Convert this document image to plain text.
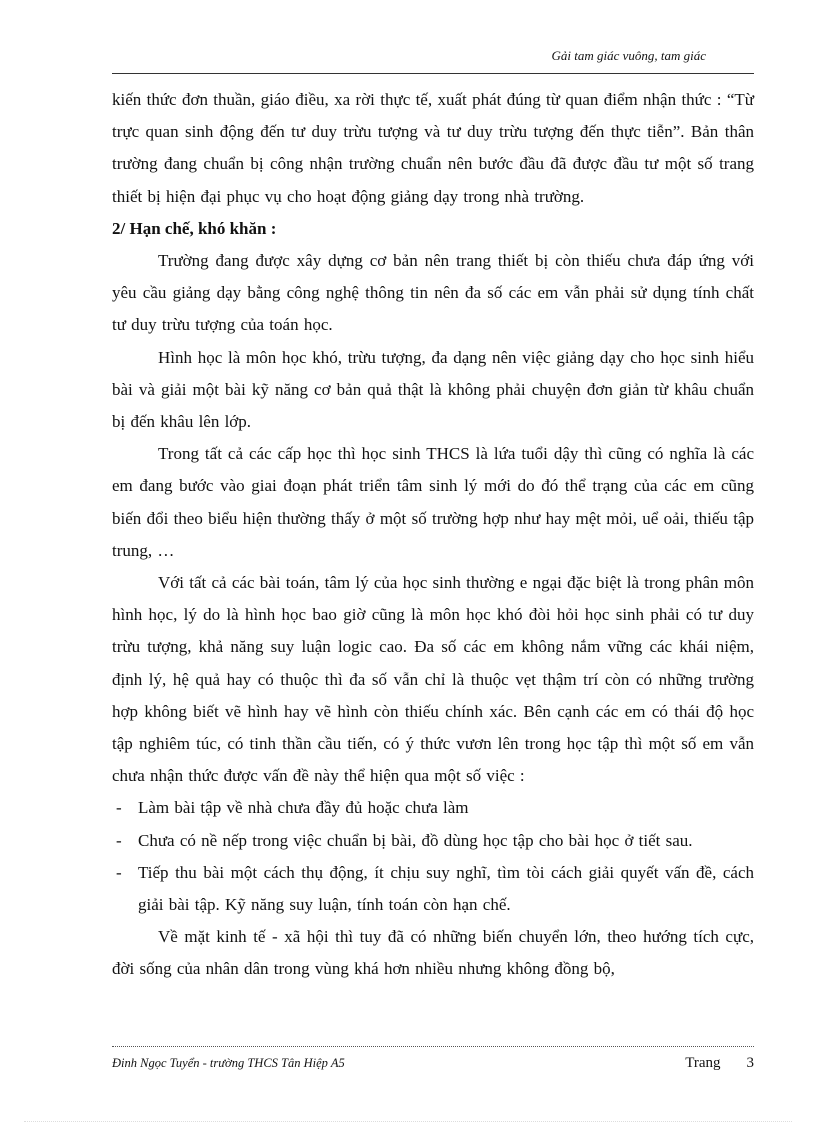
Gải tam giác vuông, tam giác

kiến thức đơn thuần, giáo điều, xa rời thực tế, xuất phát đúng từ quan điểm nhận thức : “Từ trực quan sinh động đến tư duy trừu tượng và tư duy trừu tượng đến thực tiễn”. Bản thân trường đang chuẩn bị công nhận trường chuẩn nên bước đầu đã được đầu tư một số trang thiết bị hiện đại phục vụ cho hoạt động giảng dạy trong nhà trường.

2/ Hạn chế, khó khăn :

Trường đang được xây dựng cơ bản nên trang thiết bị còn thiếu chưa đáp ứng với yêu cầu giảng dạy bằng công nghệ thông tin nên đa số các em vẫn phải sử dụng tính chất tư duy trừu tượng của toán học.

Hình học là môn học khó, trừu tượng, đa dạng nên việc giảng dạy cho học sinh hiểu bài và giải một bài kỹ năng cơ bản quả thật là không phải chuyện đơn giản từ khâu chuẩn bị đến khâu lên lớp.

Trong tất cả các cấp học thì học sinh THCS là lứa tuổi dậy thì cũng có nghĩa là các em đang bước vào giai đoạn phát triển tâm sinh lý mới do đó thể trạng của các em cũng biến đổi theo biểu hiện thường thấy ở một số trường hợp như hay mệt mỏi, uể oải, thiếu tập trung, …

Với tất cả các bài toán, tâm lý của học sinh thường e ngại đặc biệt là trong phân môn hình học, lý do là hình học bao giờ cũng là môn học khó đòi hỏi học sinh phải có tư duy trừu tượng, khả năng suy luận logic cao. Đa số các em không nắm vững các khái niệm, định lý, hệ quả hay có thuộc thì đa số vẫn chỉ là thuộc vẹt thậm trí còn có những trường hợp không biết vẽ hình hay vẽ hình còn thiếu chính xác. Bên cạnh các em có thái độ học tập nghiêm túc, có tinh thần cầu tiến, có ý thức vươn lên trong học tập thì một số em vẫn chưa nhận thức được vấn đề này thể hiện qua một số việc :

- Làm bài tập về nhà chưa đầy đủ hoặc chưa làm
- Chưa có nề nếp trong việc chuẩn bị bài, đồ dùng học tập cho bài học ở tiết sau.
- Tiếp thu bài một cách thụ động, ít chịu suy nghĩ, tìm tòi cách giải quyết vấn đề, cách giải bài tập. Kỹ năng suy luận, tính toán còn hạn chế.

Về mặt kinh tế - xã hội thì tuy đã có những biến chuyển lớn, theo hướng tích cực, đời sống của nhân dân trong vùng khá hơn nhiều nhưng không đồng bộ,

Đinh Ngọc Tuyển - trường THCS Tân Hiệp A5	Trang 3
